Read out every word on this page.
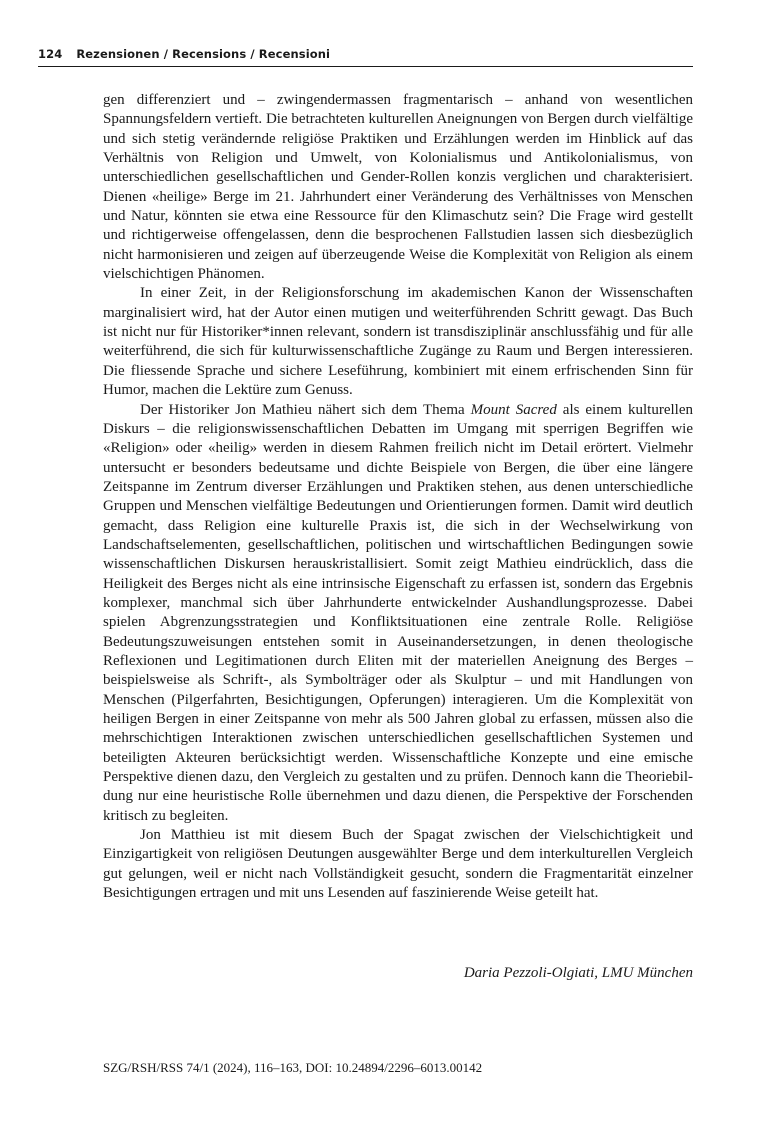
124 Rezensionen / Recensions / Recensioni

gen differenziert und – zwingendermassen fragmentarisch – anhand von wesentlichen Spannungsfeldern vertieft. Die betrachteten kulturellen Aneignungen von Bergen durch vielfältige und sich stetig verändernde religiöse Praktiken und Erzählungen werden im Hinblick auf das Verhältnis von Religion und Umwelt, von Kolonialismus und Antikolonialismus, von unterschiedlichen gesellschaftlichen und Gender-Rollen konzis verglichen und charakterisiert. Dienen «heilige» Berge im 21. Jahrhundert einer Veränderung des Verhältnisses von Menschen und Natur, könnten sie etwa eine Ressource für den Klimaschutz sein? Die Frage wird gestellt und richtigerweise offengelassen, denn die besprochenen Fallstudien lassen sich diesbezüglich nicht harmonisieren und zeigen auf überzeugende Weise die Komplexität von Religion als einem vielschichtigen Phänomen.

In einer Zeit, in der Religionsforschung im akademischen Kanon der Wissenschaften marginalisiert wird, hat der Autor einen mutigen und weiterführenden Schritt gewagt. Das Buch ist nicht nur für Historiker*innen relevant, sondern ist transdisziplinär anschlussfähig und für alle weiterführend, die sich für kulturwissenschaftliche Zugänge zu Raum und Bergen interessieren. Die fliessende Sprache und sichere Leseführung, kombiniert mit einem erfrischenden Sinn für Humor, machen die Lektüre zum Genuss.

Der Historiker Jon Mathieu nähert sich dem Thema Mount Sacred als einem kulturellen Diskurs – die religionswissenschaftlichen Debatten im Umgang mit sperrigen Begriffen wie «Religion» oder «heilig» werden in diesem Rahmen freilich nicht im Detail erörtert. Vielmehr untersucht er besonders bedeutsame und dichte Beispiele von Bergen, die über eine längere Zeitspanne im Zentrum diverser Erzählungen und Praktiken stehen, aus denen unterschiedliche Gruppen und Menschen vielfältige Bedeutungen und Orientierungen formen. Damit wird deutlich gemacht, dass Religion eine kulturelle Praxis ist, die sich in der Wechselwirkung von Landschaftselementen, gesellschaftlichen, politischen und wirtschaftlichen Bedingungen sowie wissenschaftlichen Diskursen herauskristallisiert. Somit zeigt Mathieu eindrücklich, dass die Heiligkeit des Berges nicht als eine intrinsische Eigenschaft zu erfassen ist, sondern das Ergebnis komplexer, manchmal sich über Jahrhunderte entwickelnder Aushandlungsprozesse. Dabei spielen Abgrenzungsstrategien und Konfliktsituationen eine zentrale Rolle. Religiöse Bedeutungszuweisungen entstehen somit in Auseinandersetzungen, in denen theologische Reflexionen und Legitimationen durch Eliten mit der materiellen Aneignung des Berges – beispielsweise als Schrift-, als Symbolträger oder als Skulptur – und mit Handlungen von Menschen (Pilgerfahrten, Besichtigungen, Opferungen) interagieren. Um die Komplexität von heiligen Bergen in einer Zeitspanne von mehr als 500 Jahren global zu erfassen, müssen also die mehrschichtigen Interaktionen zwischen unterschiedlichen gesellschaftlichen Systemen und beteiligten Akteuren berücksichtigt werden. Wissenschaftliche Konzepte und eine emische Perspektive dienen dazu, den Vergleich zu gestalten und zu prüfen. Dennoch kann die Theoriebildung nur eine heuristische Rolle übernehmen und dazu dienen, die Perspektive der Forschenden kritisch zu begleiten.

Jon Matthieu ist mit diesem Buch der Spagat zwischen der Vielschichtigkeit und Einzigartigkeit von religiösen Deutungen ausgewählter Berge und dem interkulturellen Vergleich gut gelungen, weil er nicht nach Vollständigkeit gesucht, sondern die Fragmentarität einzelner Besichtigungen ertragen und mit uns Lesenden auf faszinierende Weise geteilt hat.

Daria Pezzoli-Olgiati, LMU München
SZG/RSH/RSS 74/1 (2024), 116–163, DOI: 10.24894/2296–6013.00142
